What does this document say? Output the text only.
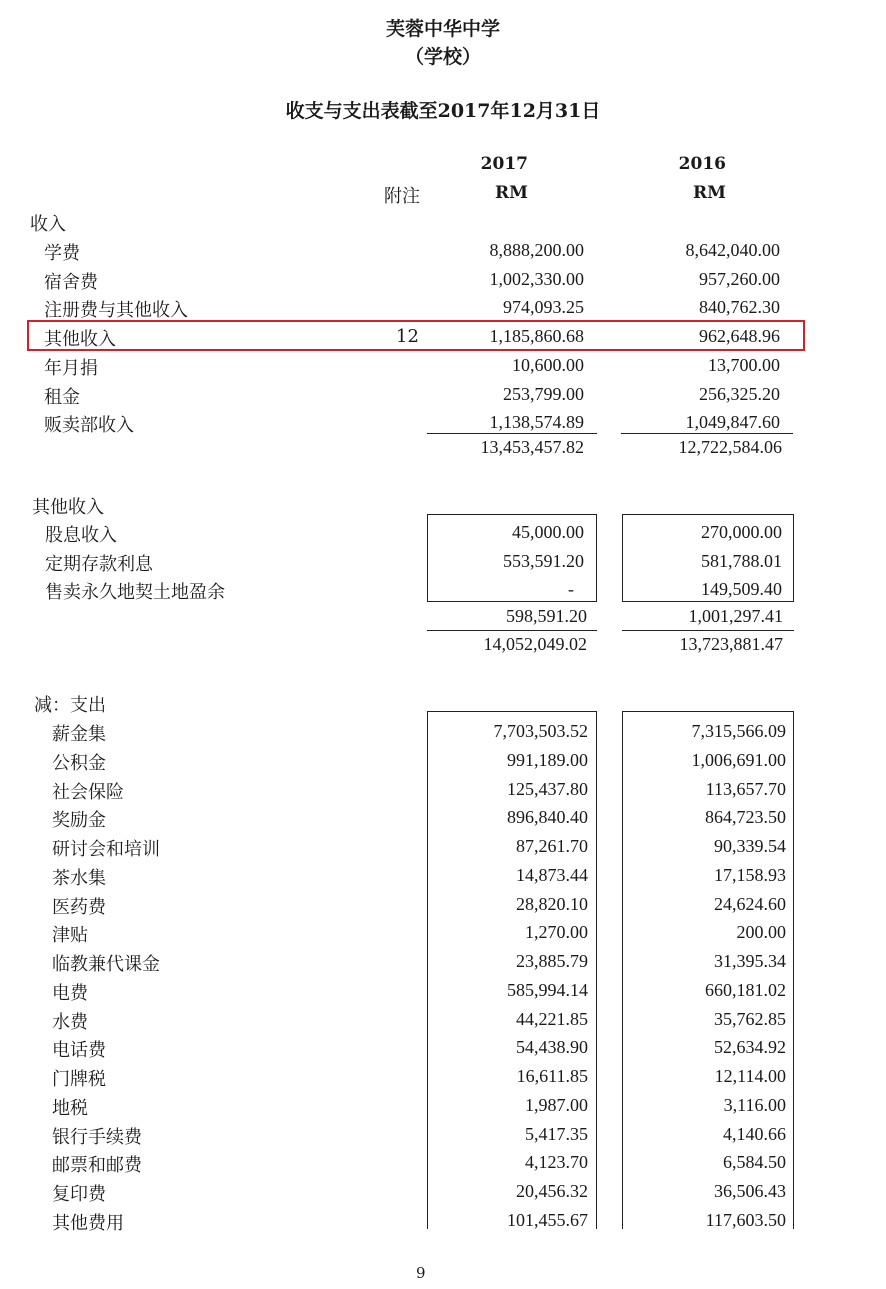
芙蓉中华中学
（学校）
收支与支出表截至2017年12月31日
2017	2016
附注	RM	RM
收入
学费	8,888,200.00	8,642,040.00
宿舍费	1,002,330.00	957,260.00
注册费与其他收入	974,093.25	840,762.30
其他收入	12	1,185,860.68	962,648.96
年月捐	10,600.00	13,700.00
租金	253,799.00	256,325.20
贩卖部收入	1,138,574.89	1,049,847.60
13,453,457.82	12,722,584.06
其他收入
股息收入	45,000.00	270,000.00
定期存款利息	553,591.20	581,788.01
售卖永久地契土地盈余	-	149,509.40
598,591.20	1,001,297.41
14,052,049.02	13,723,881.47
减：支出
薪金集	7,703,503.52	7,315,566.09
公积金	991,189.00	1,006,691.00
社会保险	125,437.80	113,657.70
奖励金	896,840.40	864,723.50
研讨会和培训	87,261.70	90,339.54
茶水集	14,873.44	17,158.93
医药费	28,820.10	24,624.60
津贴	1,270.00	200.00
临教兼代课金	23,885.79	31,395.34
电费	585,994.14	660,181.02
水费	44,221.85	35,762.85
电话费	54,438.90	52,634.92
门牌税	16,611.85	12,114.00
地税	1,987.00	3,116.00
银行手续费	5,417.35	4,140.66
邮票和邮费	4,123.70	6,584.50
复印费	20,456.32	36,506.43
其他费用	101,455.67	117,603.50
9
